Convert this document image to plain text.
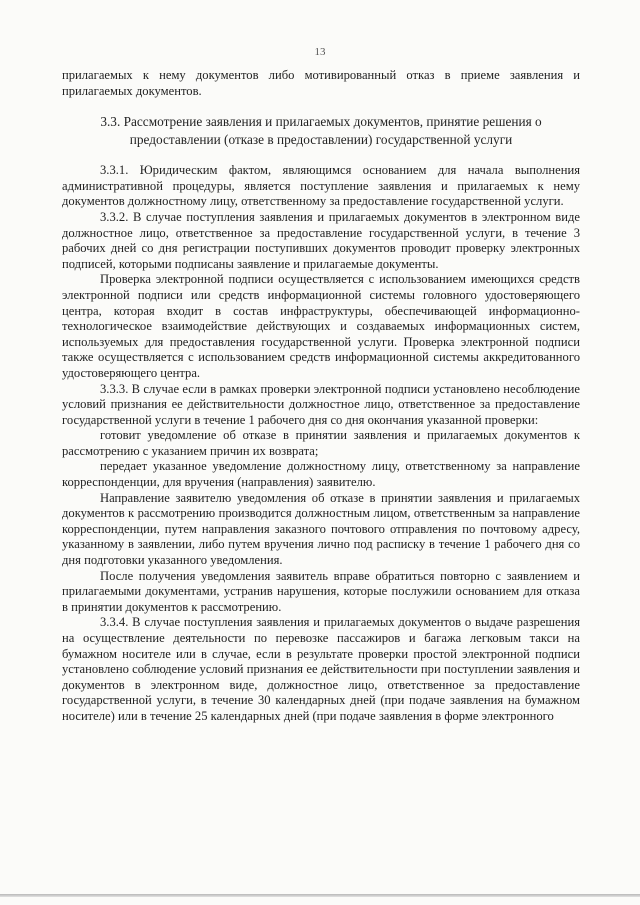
13

прилагаемых к нему документов либо мотивированный отказ в приеме заявления и прилагаемых документов.

3.3. Рассмотрение заявления и прилагаемых документов, принятие решения о предоставлении (отказе в предоставлении) государственной услуги

3.3.1. Юридическим фактом, являющимся основанием для начала выполнения административной процедуры, является поступление заявления и прилагаемых к нему документов должностному лицу, ответственному за предоставление государственной услуги.

3.3.2. В случае поступления заявления и прилагаемых документов в электронном виде должностное лицо, ответственное за предоставление государственной услуги, в течение 3 рабочих дней со дня регистрации поступивших документов проводит проверку электронных подписей, которыми подписаны заявление и прилагаемые документы.

Проверка электронной подписи осуществляется с использованием имеющихся средств электронной подписи или средств информационной системы головного удостоверяющего центра, которая входит в состав инфраструктуры, обеспечивающей информационно-технологическое взаимодействие действующих и создаваемых информационных систем, используемых для предоставления государственной услуги. Проверка электронной подписи также осуществляется с использованием средств информационной системы аккредитованного удостоверяющего центра.

3.3.3. В случае если в рамках проверки электронной подписи установлено несоблюдение условий признания ее действительности должностное лицо, ответственное за предоставление государственной услуги в течение 1 рабочего дня со дня окончания указанной проверки:

готовит уведомление об отказе в принятии заявления и прилагаемых документов к рассмотрению с указанием причин их возврата;

передает указанное уведомление должностному лицу, ответственному за направление корреспонденции, для вручения (направления) заявителю.

Направление заявителю уведомления об отказе в принятии заявления и прилагаемых документов к рассмотрению производится должностным лицом, ответственным за направление корреспонденции, путем направления заказного почтового отправления по почтовому адресу, указанному в заявлении, либо путем вручения лично под расписку в течение 1 рабочего дня со дня подготовки указанного уведомления.

После получения уведомления заявитель вправе обратиться повторно с заявлением и прилагаемыми документами, устранив нарушения, которые послужили основанием для отказа в принятии документов к рассмотрению.

3.3.4. В случае поступления заявления и прилагаемых документов о выдаче разрешения на осуществление деятельности по перевозке пассажиров и багажа легковым такси на бумажном носителе или в случае, если в результате проверки простой электронной подписи установлено соблюдение условий признания ее действительности при поступлении заявления и документов в электронном виде, должностное лицо, ответственное за предоставление государственной услуги, в течение 30 календарных дней (при подаче заявления на бумажном носителе) или в течение 25 календарных дней (при подаче заявления в форме электронного
